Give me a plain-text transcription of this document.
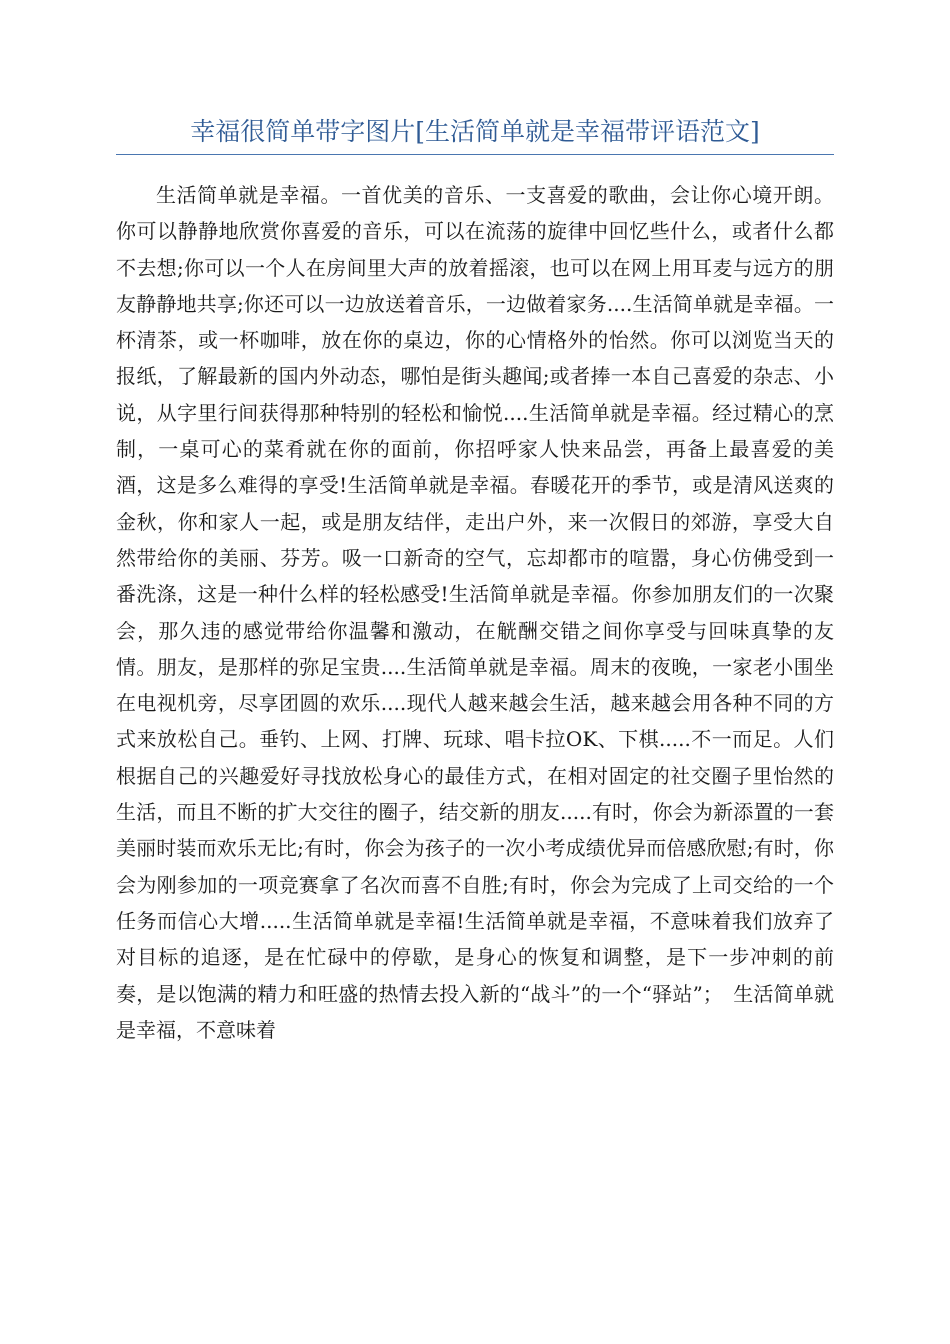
幸福很简单带字图片[生活简单就是幸福带评语范文]

生活简单就是幸福。一首优美的音乐、一支喜爱的歌曲，会让你心境开朗。你可以静静地欣赏你喜爱的音乐，可以在流荡的旋律中回忆些什么，或者什么都不去想;你可以一个人在房间里大声的放着摇滚，也可以在网上用耳麦与远方的朋友静静地共享;你还可以一边放送着音乐，一边做着家务....生活简单就是幸福。一杯清茶，或一杯咖啡，放在你的桌边，你的心情格外的怡然。你可以浏览当天的报纸，了解最新的国内外动态，哪怕是街头趣闻;或者捧一本自己喜爱的杂志、小说，从字里行间获得那种特别的轻松和愉悦....生活简单就是幸福。经过精心的烹制，一桌可心的菜肴就在你的面前，你招呼家人快来品尝，再备上最喜爱的美酒，这是多么难得的享受!生活简单就是幸福。春暖花开的季节，或是清风送爽的金秋，你和家人一起，或是朋友结伴，走出户外，来一次假日的郊游，享受大自然带给你的美丽、芬芳。吸一口新奇的空气，忘却都市的喧嚣，身心仿佛受到一番洗涤，这是一种什么样的轻松感受!生活简单就是幸福。你参加朋友们的一次聚会，那久违的感觉带给你温馨和激动，在觥酬交错之间你享受与回味真挚的友情。朋友，是那样的弥足宝贵....生活简单就是幸福。周末的夜晚，一家老小围坐在电视机旁，尽享团圆的欢乐....现代人越来越会生活，越来越会用各种不同的方式来放松自己。垂钓、上网、打牌、玩球、唱卡拉OK、下棋.....不一而足。人们根据自己的兴趣爱好寻找放松身心的最佳方式，在相对固定的社交圈子里怡然的生活，而且不断的扩大交往的圈子，结交新的朋友.....有时，你会为新添置的一套美丽时装而欢乐无比;有时，你会为孩子的一次小考成绩优异而倍感欣慰;有时，你会为刚参加的一项竞赛拿了名次而喜不自胜;有时，你会为完成了上司交给的一个任务而信心大增.....生活简单就是幸福!生活简单就是幸福，不意味着我们放弃了对目标的追逐，是在忙碌中的停歇，是身心的恢复和调整，是下一步冲刺的前奏，是以饱满的精力和旺盛的热情去投入新的“战斗”的一个“驿站”；　生活简单就是幸福，不意味着
